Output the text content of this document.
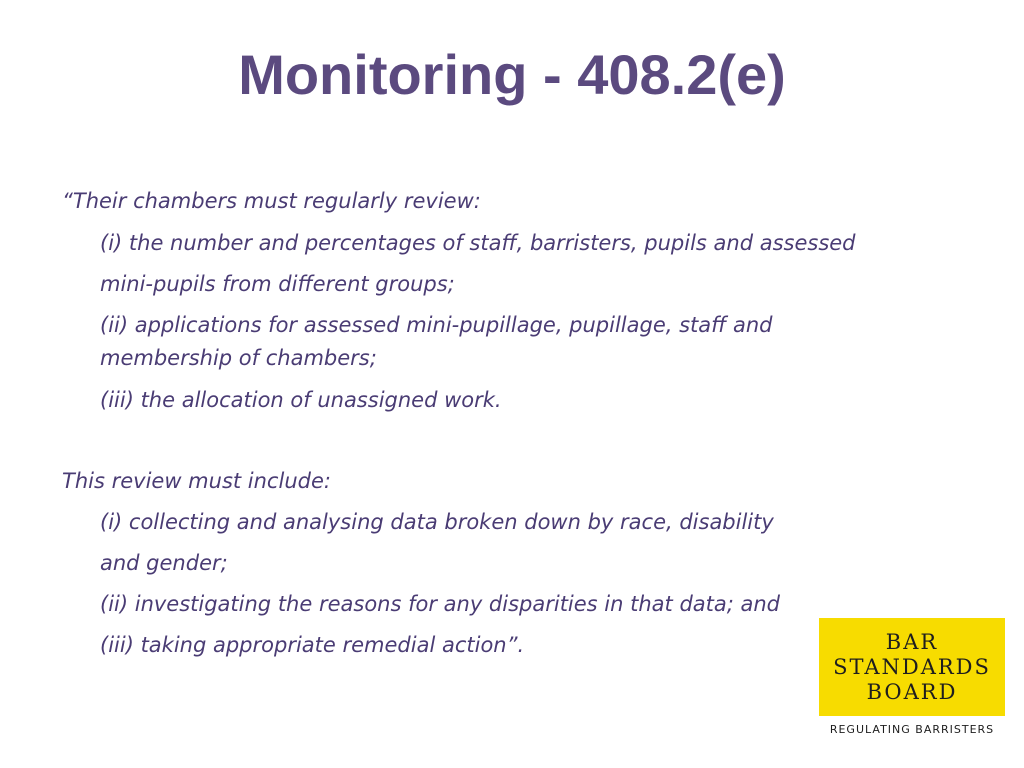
Monitoring - 408.2(e)
“Their chambers must regularly review:
(i) the number and percentages of staff, barristers, pupils and assessed
mini-pupils from different groups;
(ii) applications for assessed mini-pupillage, pupillage, staff and
membership of chambers;
(iii) the allocation of unassigned work.
This review must include:
(i) collecting and analysing data broken down by race, disability
and gender;
(ii) investigating the reasons for any disparities in that data; and
(iii) taking appropriate remedial action”.	BAR
STANDARDS
BOARD
REGULATING BARRISTERS
